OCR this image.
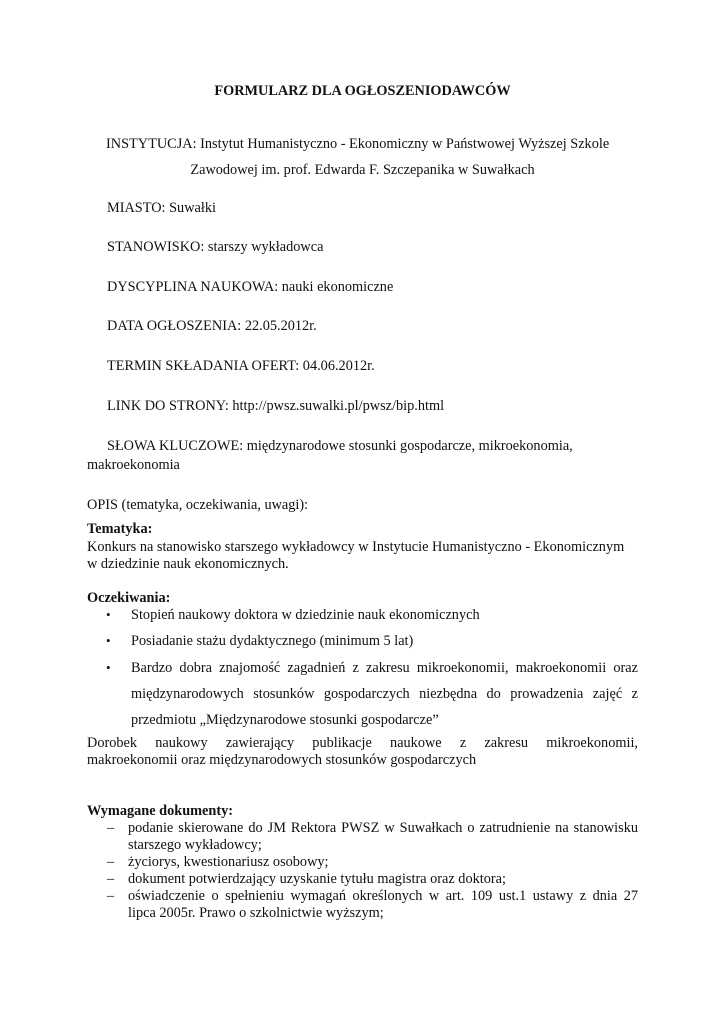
FORMULARZ DLA OGŁOSZENIODAWCÓW
INSTYTUCJA: Instytut Humanistyczno - Ekonomiczny w Państwowej Wyższej Szkole
Zawodowej im. prof. Edwarda F. Szczepanika w Suwałkach
MIASTO: Suwałki
STANOWISKO: starszy wykładowca
DYSCYPLINA NAUKOWA: nauki ekonomiczne
DATA OGŁOSZENIA: 22.05.2012r.
TERMIN SKŁADANIA OFERT: 04.06.2012r.
LINK DO STRONY: http://pwsz.suwalki.pl/pwsz/bip.html
SŁOWA KLUCZOWE: międzynarodowe stosunki gospodarcze, mikroekonomia,
makroekonomia
OPIS (tematyka, oczekiwania, uwagi):
Tematyka:
Konkurs na stanowisko starszego wykładowcy w Instytucie Humanistyczno - Ekonomicznym
w dziedzinie nauk ekonomicznych.
Oczekiwania:
• Stopień naukowy doktora w dziedzinie nauk ekonomicznych
• Posiadanie stażu dydaktycznego (minimum 5 lat)
• Bardzo dobra znajomość zagadnień z zakresu mikroekonomii, makroekonomii oraz
międzynarodowych stosunków gospodarczych niezbędna do prowadzenia zajęć z
przedmiotu „Międzynarodowe stosunki gospodarcze”
Dorobek naukowy zawierający publikacje naukowe z zakresu mikroekonomii,
makroekonomii oraz międzynarodowych stosunków gospodarczych
Wymagane dokumenty:
– podanie skierowane do JM Rektora PWSZ w Suwałkach o zatrudnienie na stanowisku
starszego wykładowcy;
– życiorys, kwestionariusz osobowy;
– dokument potwierdzający uzyskanie tytułu magistra oraz doktora;
– oświadczenie o spełnieniu wymagań określonych w art. 109 ust.1 ustawy z dnia 27
lipca 2005r. Prawo o szkolnictwie wyższym;
